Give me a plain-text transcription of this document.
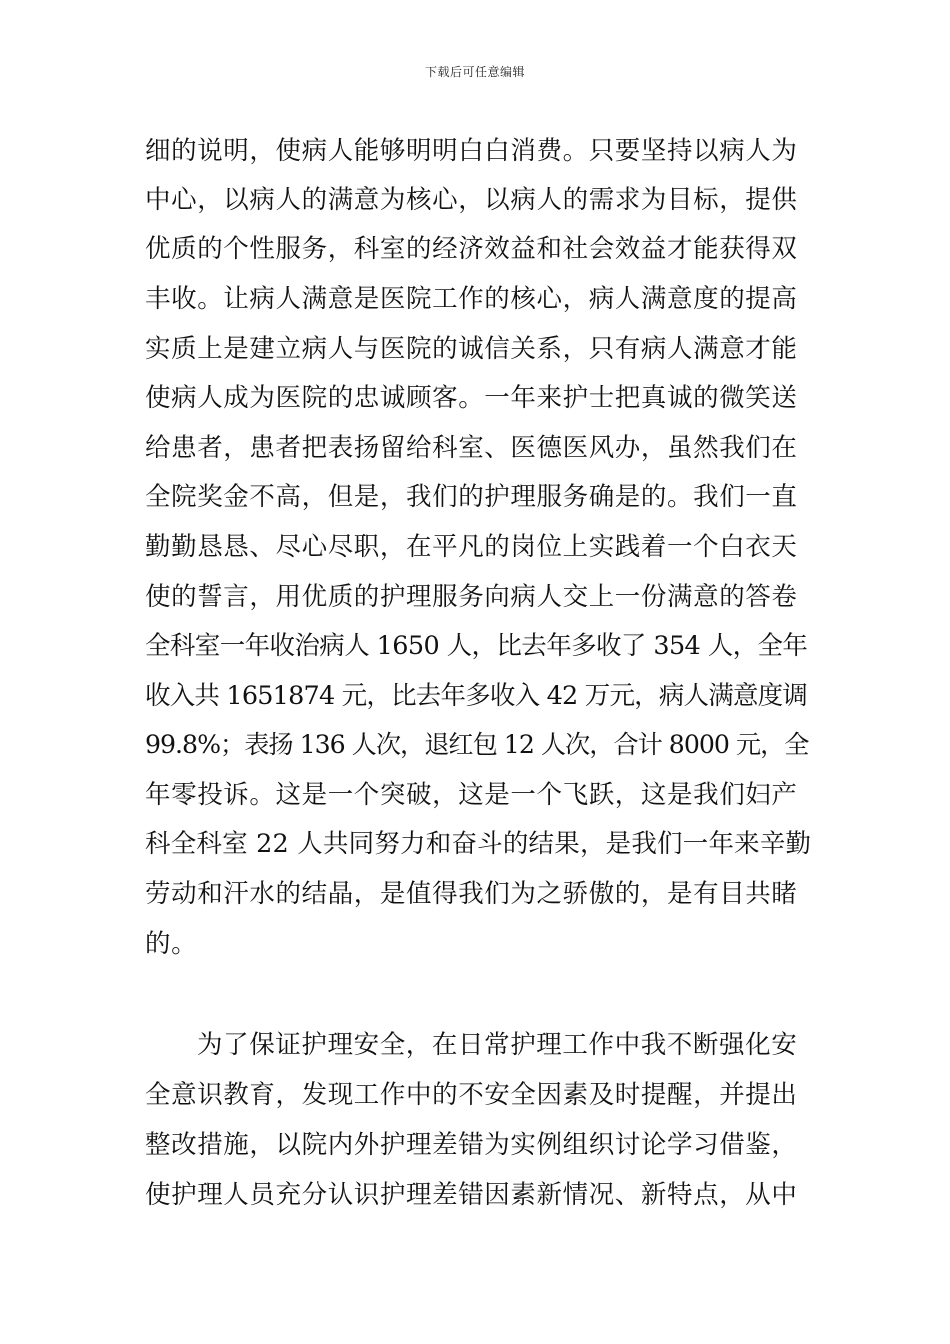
下载后可任意编辑
细的说明，使病人能够明明白白消费。只要坚持以病人为
中心，以病人的满意为核心，以病人的需求为目标，提供
优质的个性服务，科室的经济效益和社会效益才能获得双
丰收。让病人满意是医院工作的核心，病人满意度的提高
实质上是建立病人与医院的诚信关系，只有病人满意才能
使病人成为医院的忠诚顾客。一年来护士把真诚的微笑送
给患者，患者把表扬留给科室、医德医风办，虽然我们在
全院奖金不高，但是，我们的护理服务确是的。我们一直
勤勤恳恳、尽心尽职，在平凡的岗位上实践着一个白衣天
使的誓言，用优质的护理服务向病人交上一份满意的答卷
全科室一年收治病人 1650 人，比去年多收了 354 人，全年
收入共 1651874 元，比去年多收入 42 万元，病人满意度调
99.8%；表扬 136 人次，退红包 12 人次，合计 8000 元，全
年零投诉。这是一个突破，这是一个飞跃，这是我们妇产
科全科室 22 人共同努力和奋斗的结果，是我们一年来辛勤
劳动和汗水的结晶，是值得我们为之骄傲的，是有目共睹
的。
为了保证护理安全，在日常护理工作中我不断强化安
全意识教育，发现工作中的不安全因素及时提醒，并提出
整改措施，以院内外护理差错为实例组织讨论学习借鉴，
使护理人员充分认识护理差错因素新情况、新特点，从中
